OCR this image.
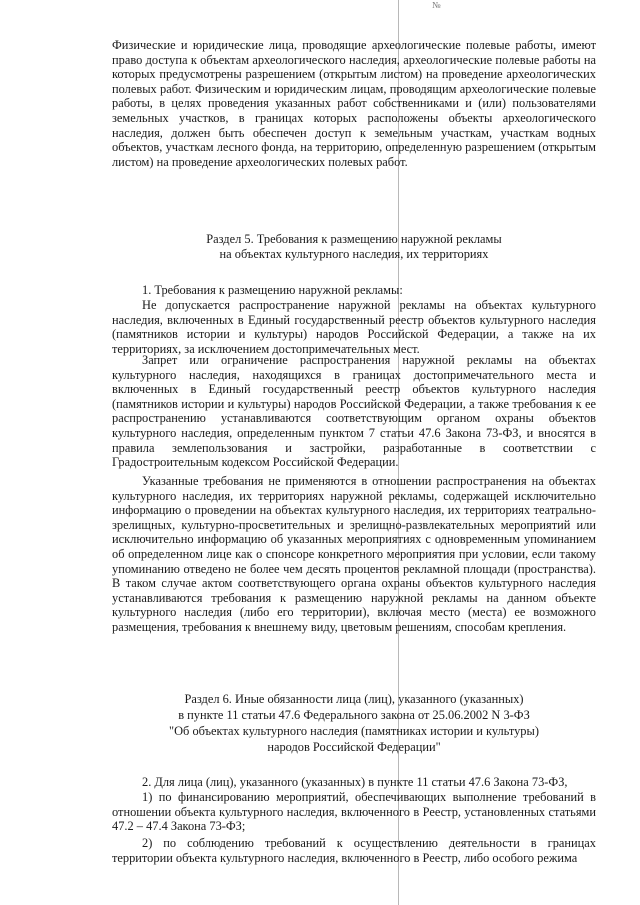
№

Физические и юридические лица, проводящие археологические полевые работы, имеют право доступа к объектам археологического наследия, археологические полевые работы на которых предусмотрены разрешением (открытым листом) на проведение археологических полевых работ. Физическим и юридическим лицам, проводящим археологические полевые работы, в целях проведения указанных работ собственниками и (или) пользователями земельных участков, в границах которых расположены объекты археологического наследия, должен быть обеспечен доступ к земельным участкам, участкам водных объектов, участкам лесного фонда, на территорию, определенную разрешением (открытым листом) на проведение археологических полевых работ.

Раздел 5. Требования к размещению наружной рекламы

на объектах культурного наследия, их территориях

1. Требования к размещению наружной рекламы:

Не допускается распространение наружной рекламы на объектах культурного наследия, включенных в Единый государственный реестр объектов культурного наследия (памятников истории и культуры) народов Российской Федерации, а также на их территориях, за исключением достопримечательных мест.

Запрет или ограничение распространения наружной рекламы на объектах культурного наследия, находящихся в границах достопримечательного места и включенных в Единый государственный реестр объектов культурного наследия (памятников истории и культуры) народов Российской Федерации, а также требования к ее распространению устанавливаются соответствующим органом охраны объектов культурного наследия, определенным пунктом 7 статьи 47.6 Закона 73-ФЗ, и вносятся в правила землепользования и застройки, разработанные в соответствии с Градостроительным кодексом Российской Федерации.

Указанные требования не применяются в отношении распространения на объектах культурного наследия, их территориях наружной рекламы, содержащей исключительно информацию о проведении на объектах культурного наследия, их территориях театрально-зрелищных, культурно-просветительных и зрелищно-развлекательных мероприятий или исключительно информацию об указанных мероприятиях с одновременным упоминанием об определенном лице как о спонсоре конкретного мероприятия при условии, если такому упоминанию отведено не более чем десять процентов рекламной площади (пространства). В таком случае актом соответствующего органа охраны объектов культурного наследия устанавливаются требования к размещению наружной рекламы на данном объекте культурного наследия (либо его территории), включая место (места) ее возможного размещения, требования к внешнему виду, цветовым решениям, способам крепления.

Раздел 6. Иные обязанности лица (лиц), указанного (указанных)

в пункте 11 статьи 47.6 Федерального закона от 25.06.2002 N 3-ФЗ

"Об объектах культурного наследия (памятниках истории и культуры)

народов Российской Федерации"

2. Для лица (лиц), указанного (указанных) в пункте 11 статьи 47.6 Закона 73-ФЗ,

1) по финансированию мероприятий, обеспечивающих выполнение требований в отношении объекта культурного наследия, включенного в Реестр, установленных статьями 47.2 – 47.4 Закона 73-ФЗ;

2) по соблюдению требований к осуществлению деятельности в границах территории объекта культурного наследия, включенного в Реестр, либо особого режима
